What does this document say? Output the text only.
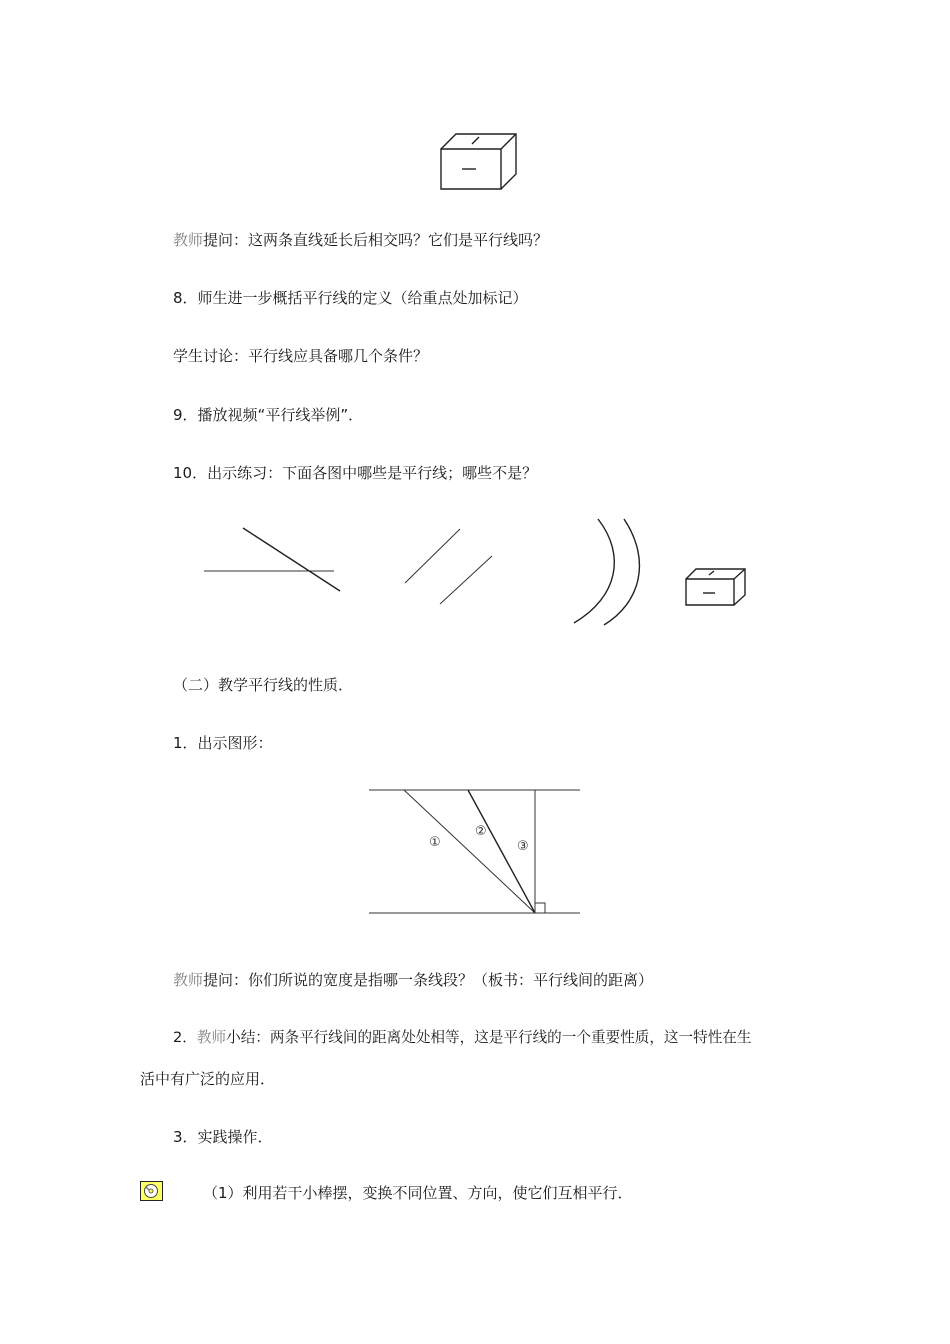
教师提问：这两条直线延长后相交吗？它们是平行线吗？
8．师生进一步概括平行线的定义（给重点处加标记）
学生讨论：平行线应具备哪几个条件？
9．播放视频“平行线举例”．
10．出示练习：下面各图中哪些是平行线；哪些不是？
（二）教学平行线的性质．
1．出示图形：
①
②
③
教师提问：你们所说的宽度是指哪一条线段？（板书：平行线间的距离）
2．教师小结：两条平行线间的距离处处相等，这是平行线的一个重要性质，这一特性在生
活中有广泛的应用．
3．实践操作．
（1）利用若干小棒摆，变换不同位置、方向，使它们互相平行．
